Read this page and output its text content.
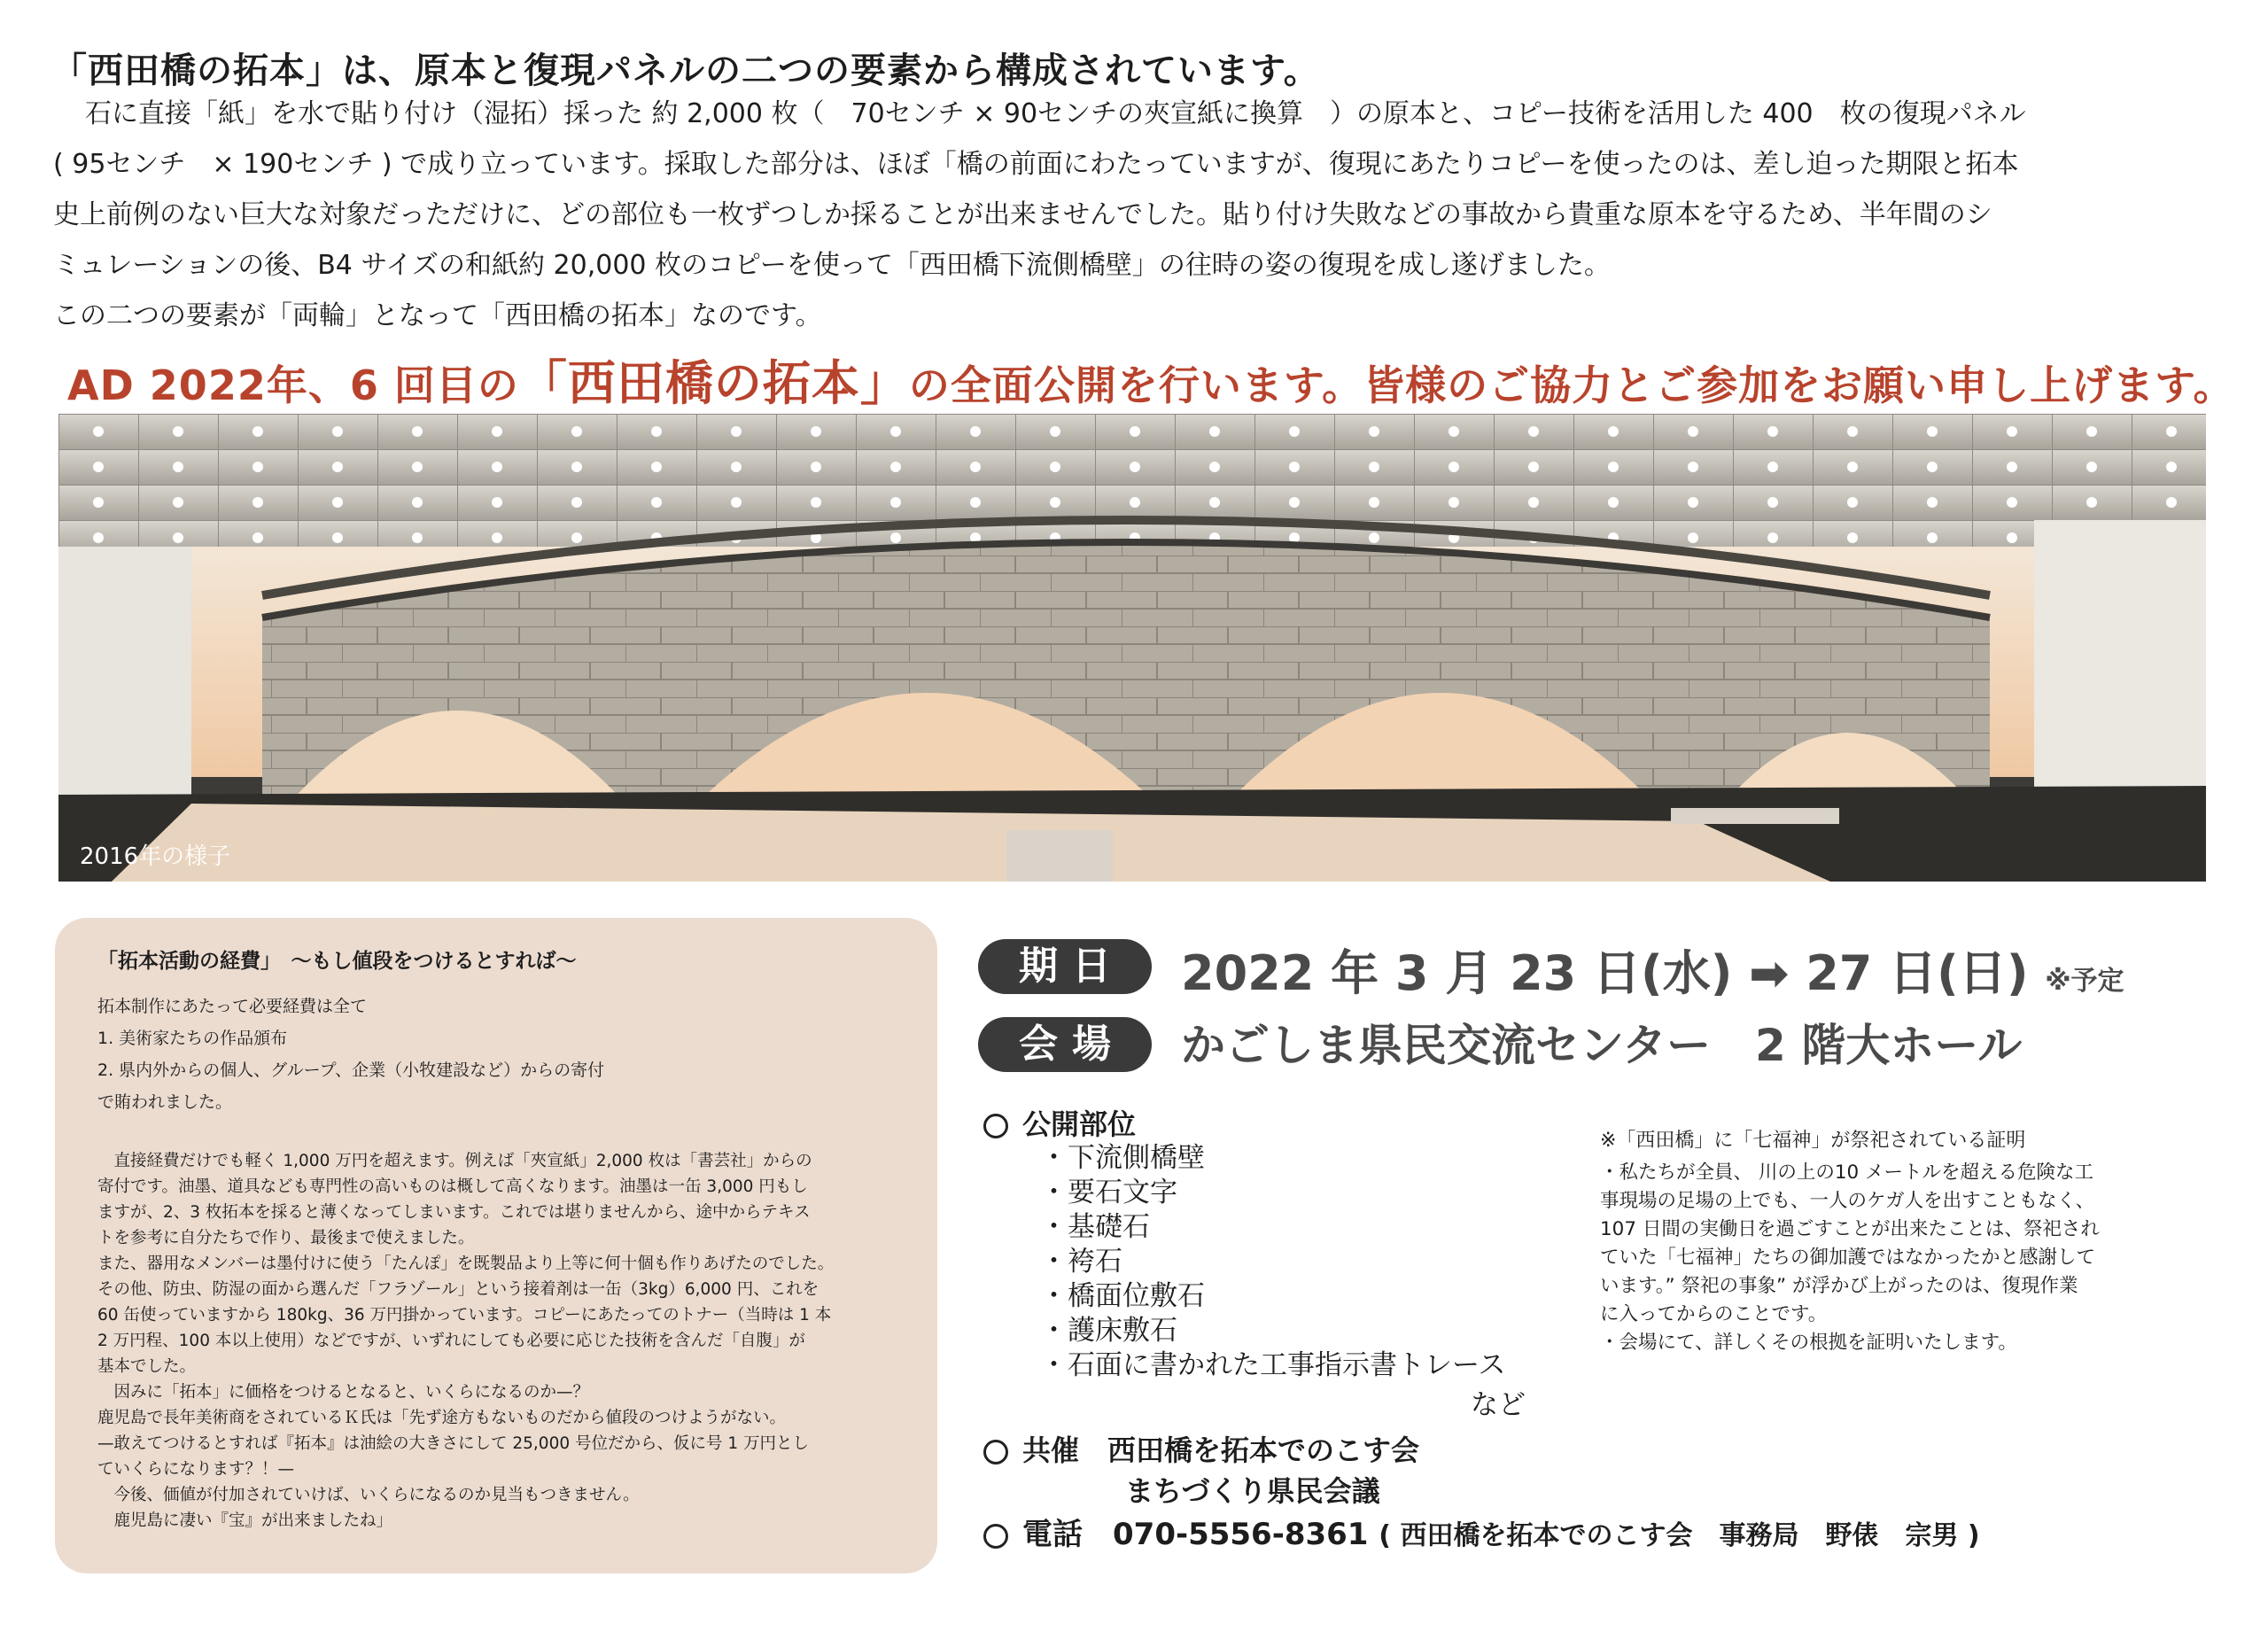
「西田橋の拓本」は、原本と復現パネルの二つの要素から構成されています。

石に直接「紙」を水で貼り付け（湿拓）採った 約 2,000 枚（　70センチ × 90センチの夾宣紙に換算　）の原本と、コピー技術を活用した 400　枚の復現パネル

( 95センチ　× 190センチ ) で成り立っています。採取した部分は、ほぼ「橋の前面にわたっていますが、復現にあたりコピーを使ったのは、差し迫った期限と拓本

史上前例のない巨大な対象だっただけに、どの部位も一枚ずつしか採ることが出来ませんでした。貼り付け失敗などの事故から貴重な原本を守るため、半年間のシ

ミュレーションの後、B4 サイズの和紙約 20,000 枚のコピーを使って「西田橋下流側橋壁」の往時の姿の復現を成し遂げました。

この二つの要素が「両輪」となって「西田橋の拓本」なのです。

AD 2022年、6 回目の「西田橋の拓本」の全面公開を行います。皆様のご協力とご参加をお願い申し上げます。
2016年の様子
「拓本活動の経費」　～もし値段をつけるとすれば～
拓本制作にあたって必要経費は全て
1. 美術家たちの作品頒布
2. 県内外からの個人、グループ、企業（小牧建設など）からの寄付
で賄われました。

　直接経費だけでも軽く 1,000 万円を超えます。例えば「夾宣紙」2,000 枚は「書芸社」からの

寄付です。油墨、道具なども専門性の高いものは概して高くなります。油墨は一缶 3,000 円もし

ますが、2、3 枚拓本を採ると薄くなってしまいます。これでは堪りませんから、途中からテキス

トを参考に自分たちで作り、最後まで使えました。

また、器用なメンバーは墨付けに使う「たんぽ」を既製品より上等に何十個も作りあげたのでした。

その他、防虫、防湿の面から選んだ「フラゾール」という接着剤は一缶（3kg）6,000 円、これを

60 缶使っていますから 180kg、36 万円掛かっています。コピーにあたってのトナー（当時は 1 本

2 万円程、100 本以上使用）などですが、いずれにしても必要に応じた技術を含んだ「自腹」が

基本でした。

　因みに「拓本」に価格をつけるとなると、いくらになるのか—？

鹿児島で長年美術商をされているＫ氏は「先ず途方もないものだから値段のつけようがない。

—敢えてつけるとすれば『拓本』は油絵の大きさにして 25,000 号位だから、仮に号 1 万円とし

ていくらになります？！—

　今後、価値が付加されていけば、いくらになるのか見当もつきません。

　鹿児島に凄い『宝』が出来ましたね」

期日	2022 年 3 月 23 日(水) ➡ 27 日(日) ※予定
会場	かごしま県民交流センター　2 階大ホール
公開部位
・下流側橋壁
・要石文字
・基礎石
・袴石
・橋面位敷石
・護床敷石
・石面に書かれた工事指示書トレース
など
共催　西田橋を拓本でのこす会
まちづくり県民会議
電話　070-5556-8361 ( 西田橋を拓本でのこす会　事務局　野俵　宗男 )

※「西田橋」に「七福神」が祭祀されている証明

・私たちが全員、 川の上の10 メートルを超える危険な工

事現場の足場の上でも、一人のケガ人を出すこともなく、

107 日間の実働日を過ごすことが出来たことは、祭祀され

ていた「七福神」たちの御加護ではなかったかと感謝して

います。” 祭祀の事象” が浮かび上がったのは、復現作業

に入ってからのことです。

・会場にて、詳しくその根拠を証明いたします。
